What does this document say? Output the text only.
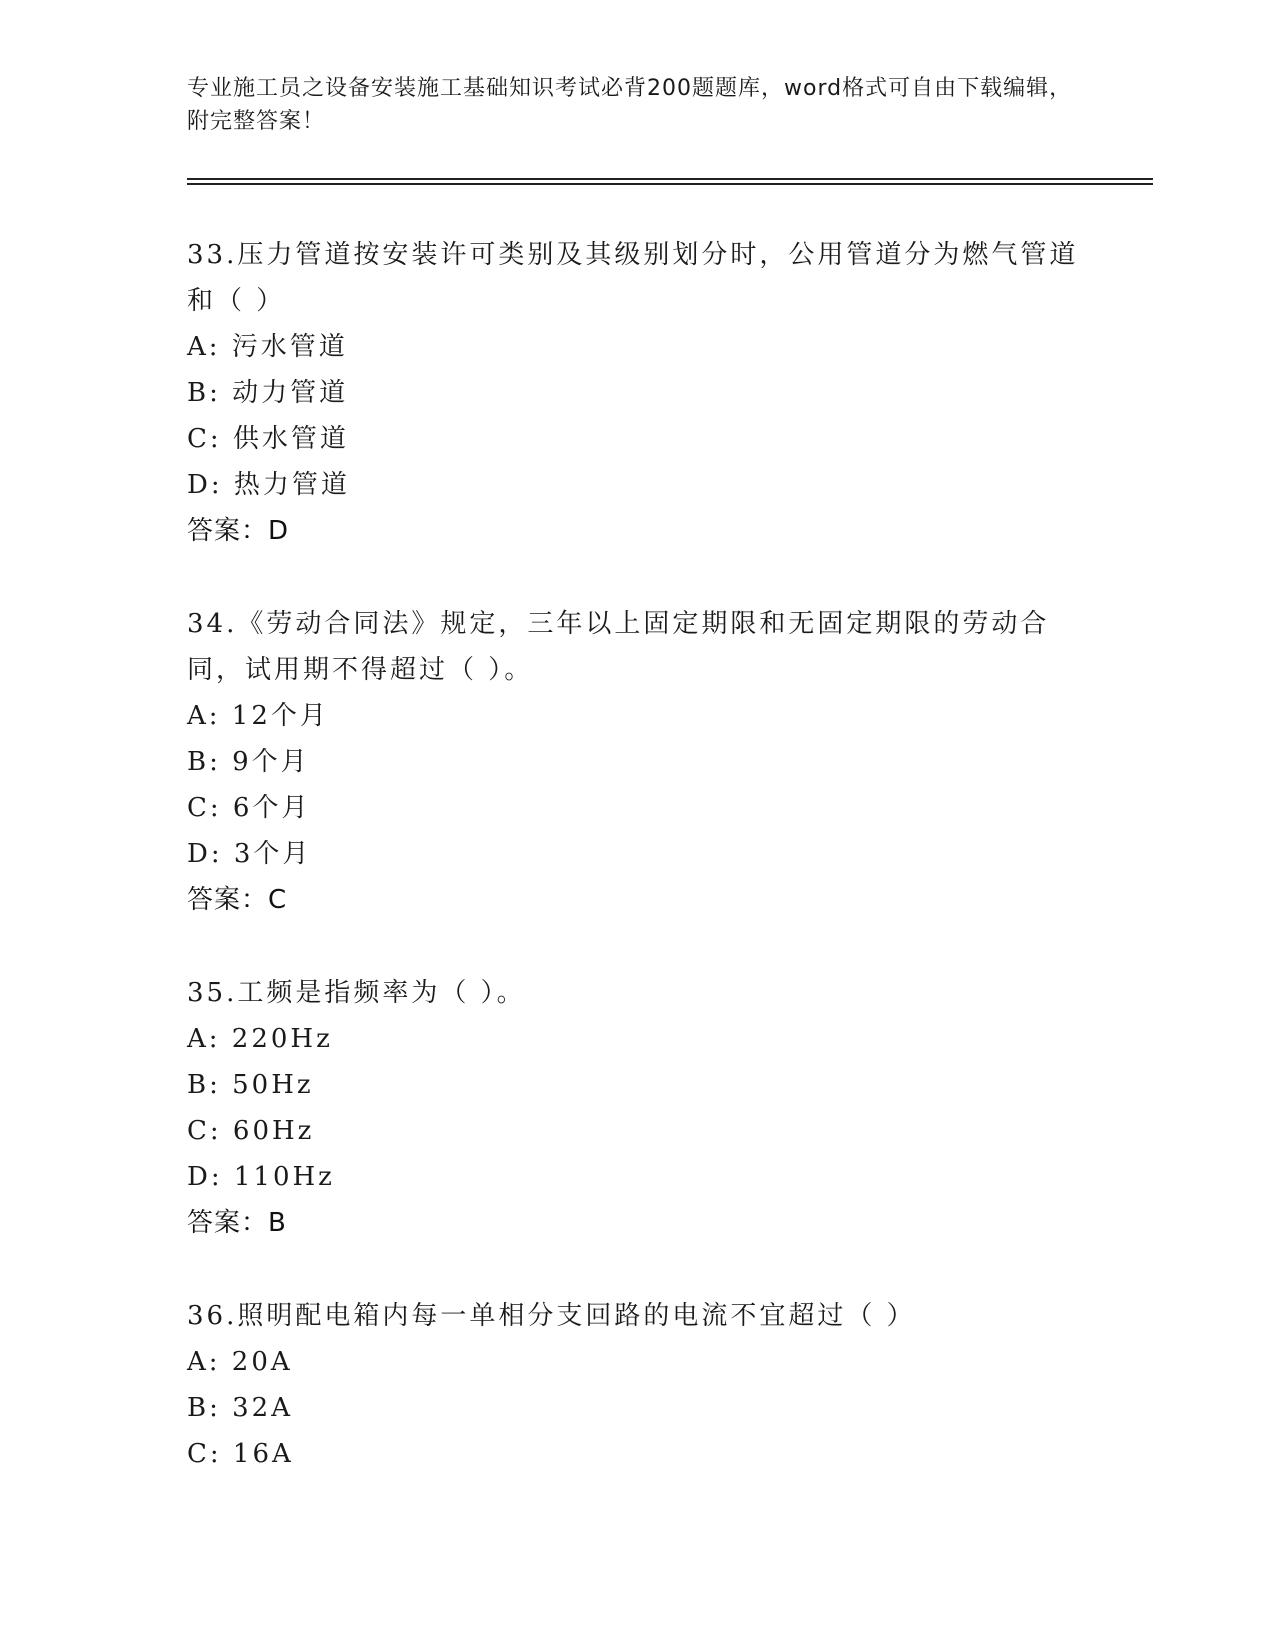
专业施工员之设备安装施工基础知识考试必背200题题库，word格式可自由下载编辑，附完整答案！

33.压力管道按安装许可类别及其级别划分时，公用管道分为燃气管道和（ ）

A: 污水管道

B: 动力管道

C: 供水管道

D: 热力管道

答案：D

34.《劳动合同法》规定，三年以上固定期限和无固定期限的劳动合同，试用期不得超过（ ）。

A: 12个月

B: 9个月

C: 6个月

D: 3个月

答案：C

35.工频是指频率为（ ）。

A: 220Hz

B: 50Hz

C: 60Hz

D: 110Hz

答案：B

36.照明配电箱内每一单相分支回路的电流不宜超过（ ）

A: 20A

B: 32A

C: 16A
